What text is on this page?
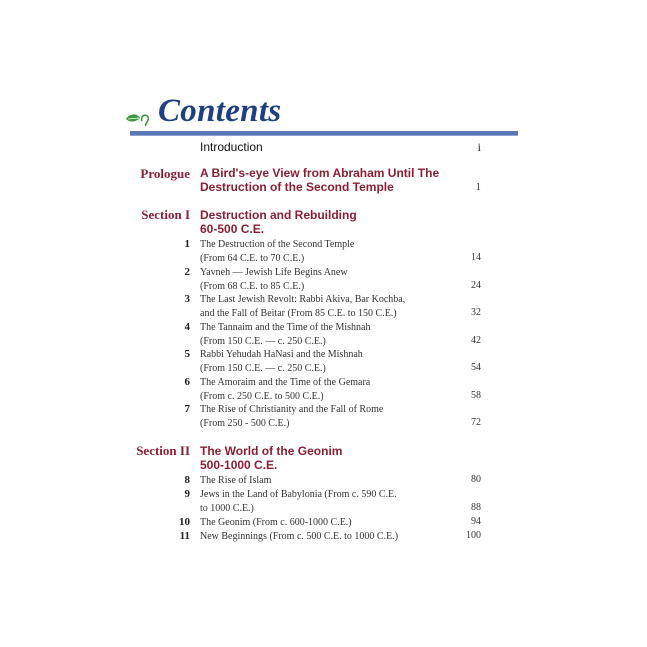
Contents
Introduction	i
Prologue A Bird's-eye View from Abraham Until The
Destruction of the Second Temple	1
Section I Destruction and Rebuilding
60-500 C.E.
1 The Destruction of the Second Temple
(From 64 C.E. to 70 C.E.)	14
2 Yavneh — Jewish Life Begins Anew
(From 68 C.E. to 85 C.E.)	24
3 The Last Jewish Revolt: Rabbi Akiva, Bar Kochba,
and the Fall of Beitar (From 85 C.E. to 150 C.E.)	32
4 The Tannaim and the Time of the Mishnah
(From 150 C.E. — c. 250 C.E.)	42
5 Rabbi Yehudah HaNasi and the Mishnah
(From 150 C.E. — c. 250 C.E.)	54
6 The Amoraim and the Time of the Gemara
(From c. 250 C.E. to 500 C.E.)	58
7 The Rise of Christianity and the Fall of Rome
(From 250 - 500 C.E.)	72
Section II The World of the Geonim
500-1000 C.E.
8 The Rise of Islam	80
9 Jews in the Land of Babylonia (From c. 590 C.E.
to 1000 C.E.)	88
10 The Geonim (From c. 600-1000 C.E.)	94
11 New Beginnings (From c. 500 C.E. to 1000 C.E.)	100
